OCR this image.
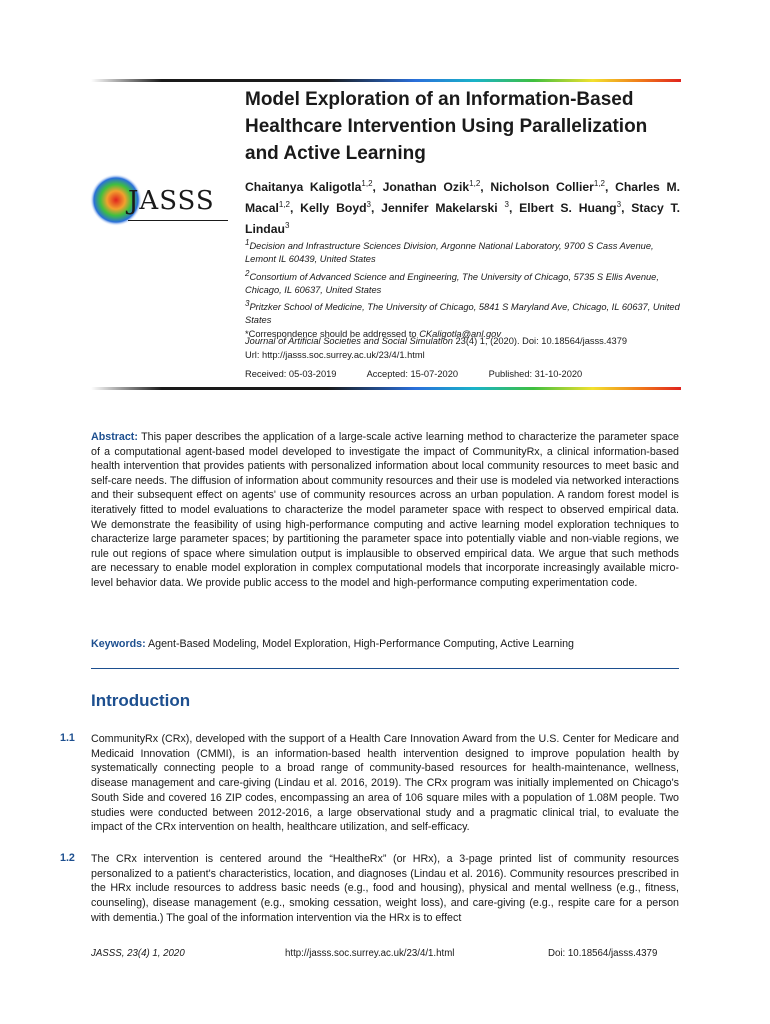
JASSS
Model Exploration of an Information-Based Healthcare Intervention Using Parallelization and Active Learning
Chaitanya Kaligotla$^{1,2}$, Jonathan Ozik$^{1,2}$, Nicholson Collier$^{1,2}$, Charles M. Macal$^{1,2}$, Kelly Boyd$^3$, Jennifer Makelarski $^3$, Elbert S. Huang$^3$, Stacy T. Lindau$^3$

$^1$Decision and Infrastructure Sciences Division, Argonne National Laboratory, 9700 S Cass Avenue, Lemont IL 60439, United States

$^2$Consortium of Advanced Science and Engineering, The University of Chicago, 5735 S Ellis Avenue, Chicago, IL 60637, United States

$^3$Pritzker School of Medicine, The University of Chicago, 5841 S Maryland Ave, Chicago, IL 60637, United States

*Correspondence should be addressed to CKaligotla@anl.gov

Journal of Artificial Societies and Social Simulation 23(4) 1, (2020). Doi: 10.18564/jasss.4379
Url: http://jasss.soc.surrey.ac.uk/23/4/1.html
Received: 05-03-2019	Accepted: 15-07-2020	Published: 31-10-2020
Abstract: This paper describes the application of a large-scale active learning method to characterize the parameter space of a computational agent-based model developed to investigate the impact of CommunityRx, a clinical information-based health intervention that provides patients with personalized information about local community resources to meet basic and self-care needs. The diffusion of information about community resources and their use is modeled via networked interactions and their subsequent effect on agents' use of community resources across an urban population. A random forest model is iteratively fitted to model evaluations to characterize the model parameter space with respect to observed empirical data. We demonstrate the feasibility of using high-performance computing and active learning model exploration techniques to characterize large parameter spaces; by partitioning the parameter space into potentially viable and non-viable regions, we rule out regions of space where simulation output is implausible to observed empirical data. We argue that such methods are necessary to enable model exploration in complex computational models that incorporate increasingly available micro-level behavior data. We provide public access to the model and high-performance computing experimentation code.
Keywords: Agent-Based Modeling, Model Exploration, High-Performance Computing, Active Learning
Introduction
1.1 CommunityRx (CRx), developed with the support of a Health Care Innovation Award from the U.S. Center for Medicare and Medicaid Innovation (CMMI), is an information-based health intervention designed to improve population health by systematically connecting people to a broad range of community-based resources for health-maintenance, wellness, disease management and care-giving (Lindau et al. 2016, 2019). The CRx program was initially implemented on Chicago's South Side and covered 16 ZIP codes, encompassing an area of 106 square miles with a population of 1.08M people. Two studies were conducted between 2012-2016, a large observational study and a pragmatic clinical trial, to evaluate the impact of the CRx intervention on health, healthcare utilization, and self-efficacy.
1.2 The CRx intervention is centered around the “HealtheRx” (or HRx), a 3-page printed list of community resources personalized to a patient's characteristics, location, and diagnoses (Lindau et al. 2016). Community resources prescribed in the HRx include resources to address basic needs (e.g., food and housing), physical and mental wellness (e.g., fitness, counseling), disease management (e.g., smoking cessation, weight loss), and care-giving (e.g., respite care for a person with dementia.) The goal of the information intervention via the HRx is to effect
JASSS, 23(4) 1, 2020	http://jasss.soc.surrey.ac.uk/23/4/1.html	Doi: 10.18564/jasss.4379
